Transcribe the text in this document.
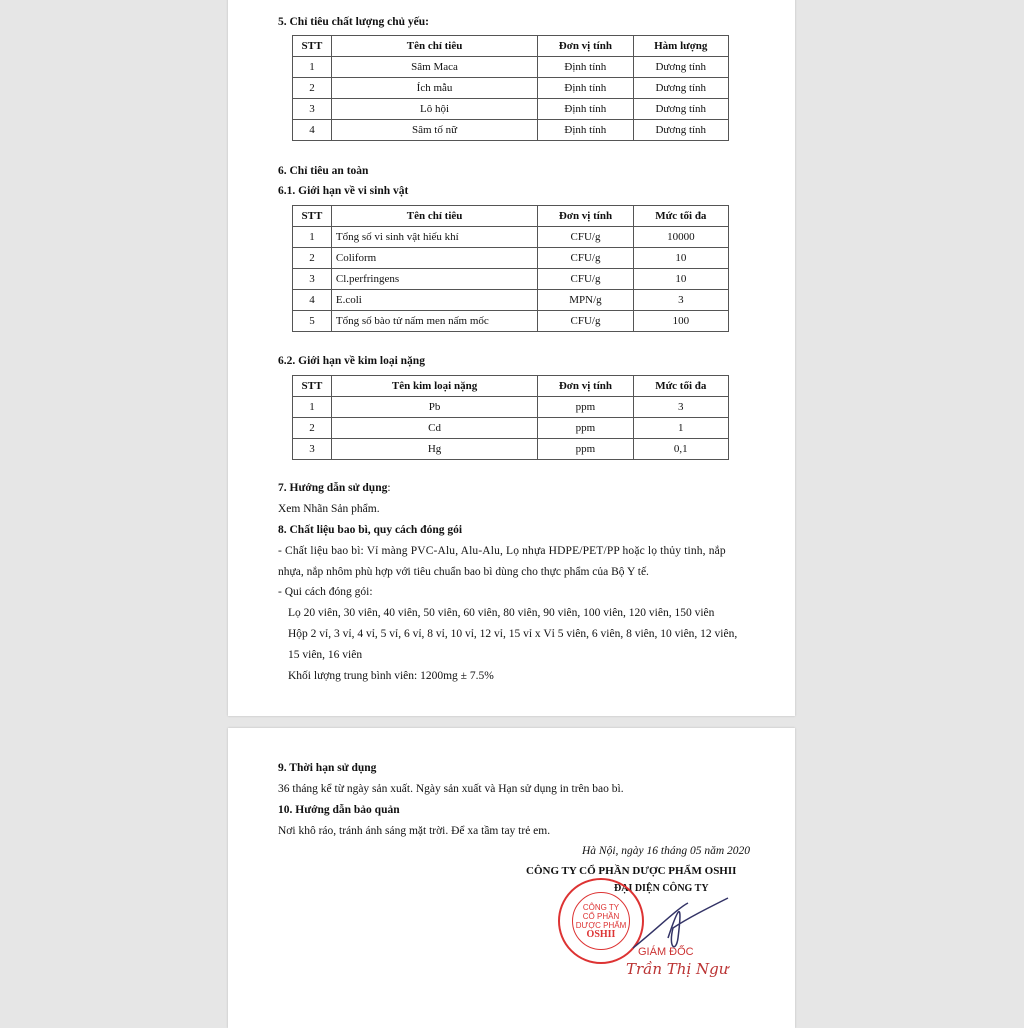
5. Chỉ tiêu chất lượng chủ yếu:
STT	Tên chỉ tiêu	Đơn vị tính	Hàm lượng
1	Sâm Maca	Định tính	Dương tính
2	Ích mẫu	Định tính	Dương tính
3	Lô hội	Định tính	Dương tính
4	Sâm tố nữ	Định tính	Dương tính
6. Chỉ tiêu an toàn
6.1. Giới hạn về vi sinh vật
STT	Tên chỉ tiêu	Đơn vị tính	Mức tối đa
1	Tổng số vi sinh vật hiếu khí	CFU/g	10000
2	Coliform	CFU/g	10
3	Cl.perfringens	CFU/g	10
4	E.coli	MPN/g	3
5	Tổng số bào tử nấm men nấm mốc	CFU/g	100
6.2. Giới hạn về kim loại nặng
STT	Tên kim loại nặng	Đơn vị tính	Mức tối đa
1	Pb	ppm	3
2	Cd	ppm	1
3	Hg	ppm	0,1
7. Hướng dẫn sử dụng:
Xem Nhãn Sản phẩm.
8. Chất liệu bao bì, quy cách đóng gói
- Chất liệu bao bì: Vỉ màng PVC-Alu, Alu-Alu, Lọ nhựa HDPE/PET/PP hoặc lọ thủy tinh, nắp
nhựa, nắp nhôm phù hợp với tiêu chuẩn bao bì dùng cho thực phẩm của Bộ Y tế.
- Qui cách đóng gói:
Lọ 20 viên, 30 viên, 40 viên, 50 viên, 60 viên, 80 viên, 90 viên, 100 viên, 120 viên, 150 viên
Hộp 2 vỉ, 3 vỉ, 4 vỉ, 5 vỉ, 6 vỉ, 8 vỉ, 10 vỉ, 12 vỉ, 15 vỉ x Vỉ 5 viên, 6 viên, 8 viên, 10 viên, 12 viên,
15 viên, 16 viên
Khối lượng trung bình viên: 1200mg ± 7.5%
9. Thời hạn sử dụng
36 tháng kể từ ngày sản xuất. Ngày sản xuất và Hạn sử dụng in trên bao bì.
10. Hướng dẫn bảo quản
Nơi khô ráo, tránh ánh sáng mặt trời. Để xa tầm tay trẻ em.
Hà Nội, ngày 16 tháng 05 năm 2020
CÔNG TY CỔ PHẦN DƯỢC PHẨM OSHII
ĐẠI DIỆN CÔNG TY
CÔNG TY
CỔ PHẦN
DƯỢC PHẨM
OSHII
GIÁM ĐỐC
Trần Thị Ngư
